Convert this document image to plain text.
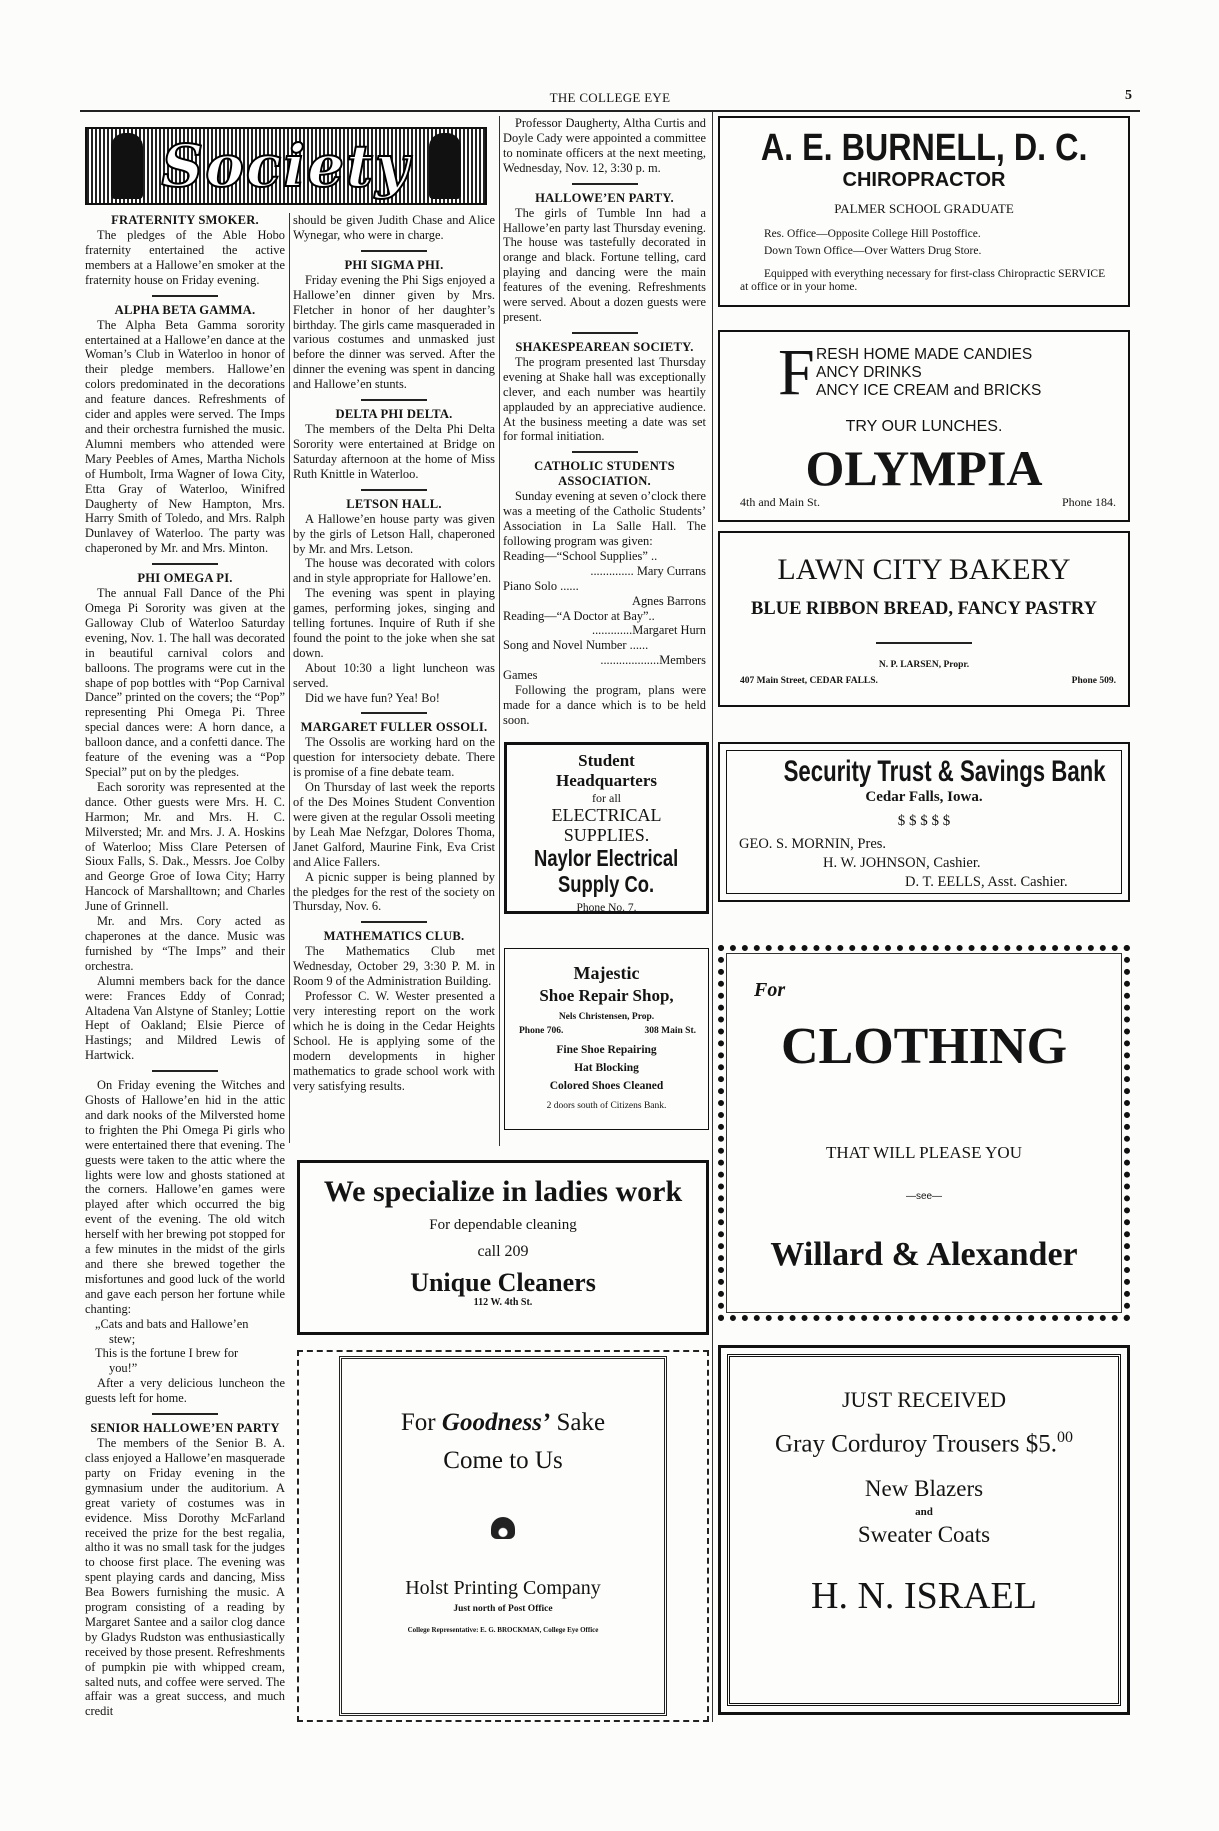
THE COLLEGE EYE	5
Society
FRATERNITY SMOKER.

The pledges of the Able Hobo fraternity entertained the active members at a Hallowe’en smoker at the fraternity house on Friday evening.

ALPHA BETA GAMMA.

The Alpha Beta Gamma sorority entertained at a Hallowe’en dance at the Woman’s Club in Waterloo in honor of their pledge members. Hallowe’en colors predominated in the decorations and feature dances. Refreshments of cider and apples were served. The Imps and their orchestra furnished the music. Alumni members who attended were Mary Peebles of Ames, Martha Nichols of Humbolt, Irma Wagner of Iowa City, Etta Gray of Waterloo, Winifred Daugherty of New Hampton, Mrs. Harry Smith of Toledo, and Mrs. Ralph Dunlavey of Waterloo. The party was chaperoned by Mr. and Mrs. Minton.

PHI OMEGA PI.

The annual Fall Dance of the Phi Omega Pi Sorority was given at the Galloway Club of Waterloo Saturday evening, Nov. 1. The hall was decorated in beautiful carnival colors and balloons. The programs were cut in the shape of pop bottles with “Pop Carnival Dance” printed on the covers; the “Pop” representing Phi Omega Pi. Three special dances were: A horn dance, a balloon dance, and a confetti dance. The feature of the evening was a “Pop Special” put on by the pledges.

Each sorority was represented at the dance. Other guests were Mrs. H. C. Harmon; Mr. and Mrs. H. C. Milversted; Mr. and Mrs. J. A. Hoskins of Waterloo; Miss Clare Petersen of Sioux Falls, S. Dak., Messrs. Joe Colby and George Groe of Iowa City; Harry Hancock of Marshalltown; and Charles June of Grinnell.

Mr. and Mrs. Cory acted as chaperones at the dance. Music was furnished by “The Imps” and their orchestra.

Alumni members back for the dance were: Frances Eddy of Conrad; Altadena Van Alstyne of Stanley; Lottie Hept of Oakland; Elsie Pierce of Hastings; and Mildred Lewis of Hartwick.

On Friday evening the Witches and Ghosts of Hallowe’en hid in the attic and dark nooks of the Milversted home to frighten the Phi Omega Pi girls who were entertained there that evening. The guests were taken to the attic where the lights were low and ghosts stationed at the corners. Hallowe’en games were played after which occurred the big event of the evening. The old witch herself with her brewing pot stopped for a few minutes in the midst of the girls and there she brewed together the misfortunes and good luck of the world and gave each person her fortune while chanting:

„Cats and bats and Hallowe’en
stew;
This is the fortune I brew for
you!”

After a very delicious luncheon the guests left for home.

SENIOR HALLOWE’EN PARTY

The members of the Senior B. A. class enjoyed a Hallowe’en masquerade party on Friday evening in the gymnasium under the auditorium. A great variety of costumes was in evidence. Miss Dorothy McFarland received the prize for the best regalia, altho it was no small task for the judges to choose first place. The evening was spent playing cards and dancing, Miss Bea Bowers furnishing the music. A program consisting of a reading by Margaret Santee and a sailor clog dance by Gladys Rudston was enthusiastically received by those present. Refreshments of pumpkin pie with whipped cream, salted nuts, and coffee were served. The affair was a great success, and much credit

should be given Judith Chase and Alice Wynegar, who were in charge.

PHI SIGMA PHI.

Friday evening the Phi Sigs enjoyed a Hallowe’en dinner given by Mrs. Fletcher in honor of her daughter’s birthday. The girls came masqueraded in various costumes and unmasked just before the dinner was served. After the dinner the evening was spent in dancing and Hallowe’en stunts.

DELTA PHI DELTA.

The members of the Delta Phi Delta Sorority were entertained at Bridge on Saturday afternoon at the home of Miss Ruth Knittle in Waterloo.

LETSON HALL.

A Hallowe’en house party was given by the girls of Letson Hall, chaperoned by Mr. and Mrs. Letson.

The house was decorated with colors and in style appropriate for Hallowe’en.

The evening was spent in playing games, performing jokes, singing and telling fortunes. Inquire of Ruth if she found the point to the joke when she sat down.

About 10:30 a light luncheon was served.

Did we have fun? Yea! Bo!

MARGARET FULLER OSSOLI.

The Ossolis are working hard on the question for intersociety debate. There is promise of a fine debate team.

On Thursday of last week the reports of the Des Moines Student Convention were given at the regular Ossoli meeting by Leah Mae Nefzgar, Dolores Thoma, Janet Galford, Maurine Fink, Eva Crist and Alice Fallers.

A picnic supper is being planned by the pledges for the rest of the society on Thursday, Nov. 6.

MATHEMATICS CLUB.

The Mathematics Club met Wednesday, October 29, 3:30 P. M. in Room 9 of the Administration Building.

Professor C. W. Wester presented a very interesting report on the work which he is doing in the Cedar Heights School. He is applying some of the modern developments in higher mathematics to grade school work with very satisfying results.

Professor Daugherty, Altha Curtis and Doyle Cady were appointed a committee to nominate officers at the next meeting, Wednesday, Nov. 12, 3:30 p. m.

HALLOWE’EN PARTY.

The girls of Tumble Inn had a Hallowe’en party last Thursday evening. The house was tastefully decorated in orange and black. Fortune telling, card playing and dancing were the main features of the evening. Refreshments were served. About a dozen guests were present.

SHAKESPEAREAN SOCIETY.

The program presented last Thursday evening at Shake hall was exceptionally clever, and each number was heartily applauded by an appreciative audience. At the business meeting a date was set for formal initiation.

CATHOLIC STUDENTS ASSOCIATION.

Sunday evening at seven o’clock there was a meeting of the Catholic Students’ Association in La Salle Hall. The following program was given:

Reading—“School Supplies” ..
.............. Mary Currans
Piano Solo ......
Agnes Barrons
Reading—“A Doctor at Bay”..
.............Margaret Hurn
Song and Novel Number ......
...................Members
Games

Following the program, plans were made for a dance which is to be held soon.

A. E. BURNELL, D. C.
CHIROPRACTOR
PALMER SCHOOL GRADUATE
Res. Office—Opposite College Hill Postoffice.
Down Town Office—Over Watters Drug Store.
Equipped with everything necessary for first-class Chiropractic SERVICE at office or in your home.
F RESH HOME MADE CANDIES
ANCY DRINKS
ANCY ICE CREAM and BRICKS
TRY OUR LUNCHES.
OLYMPIA
4th and Main St.	Phone 184.
LAWN CITY BAKERY
BLUE RIBBON BREAD, FANCY PASTRY
N. P. LARSEN, Propr.
407 Main Street, CEDAR FALLS.	Phone 509.
Security Trust & Savings Bank
Cedar Falls, Iowa.
$ $ $ $ $
GEO. S. MORNIN, Pres.
H. W. JOHNSON, Cashier.
D. T. EELLS, Asst. Cashier.
For
CLOTHING
THAT WILL PLEASE YOU
—see—
Willard & Alexander
JUST RECEIVED
Gray Corduroy Trousers $5.00
New Blazers
and
Sweater Coats
H. N. ISRAEL
Student
Headquarters
for all
ELECTRICAL
SUPPLIES.
Naylor Electrical
Supply Co.
Phone No. 7.
Majestic
Shoe Repair Shop,
Nels Christensen, Prop.
Phone 706.	308 Main St.
Fine Shoe Repairing
Hat Blocking
Colored Shoes Cleaned
2 doors south of Citizens Bank.
We specialize in ladies work
For dependable cleaning
call 209
Unique Cleaners
112 W. 4th St.
For Goodness’ Sake
Come to Us
Holst Printing Company
Just north of Post Office
College Representative: E. G. BROCKMAN, College Eye Office
